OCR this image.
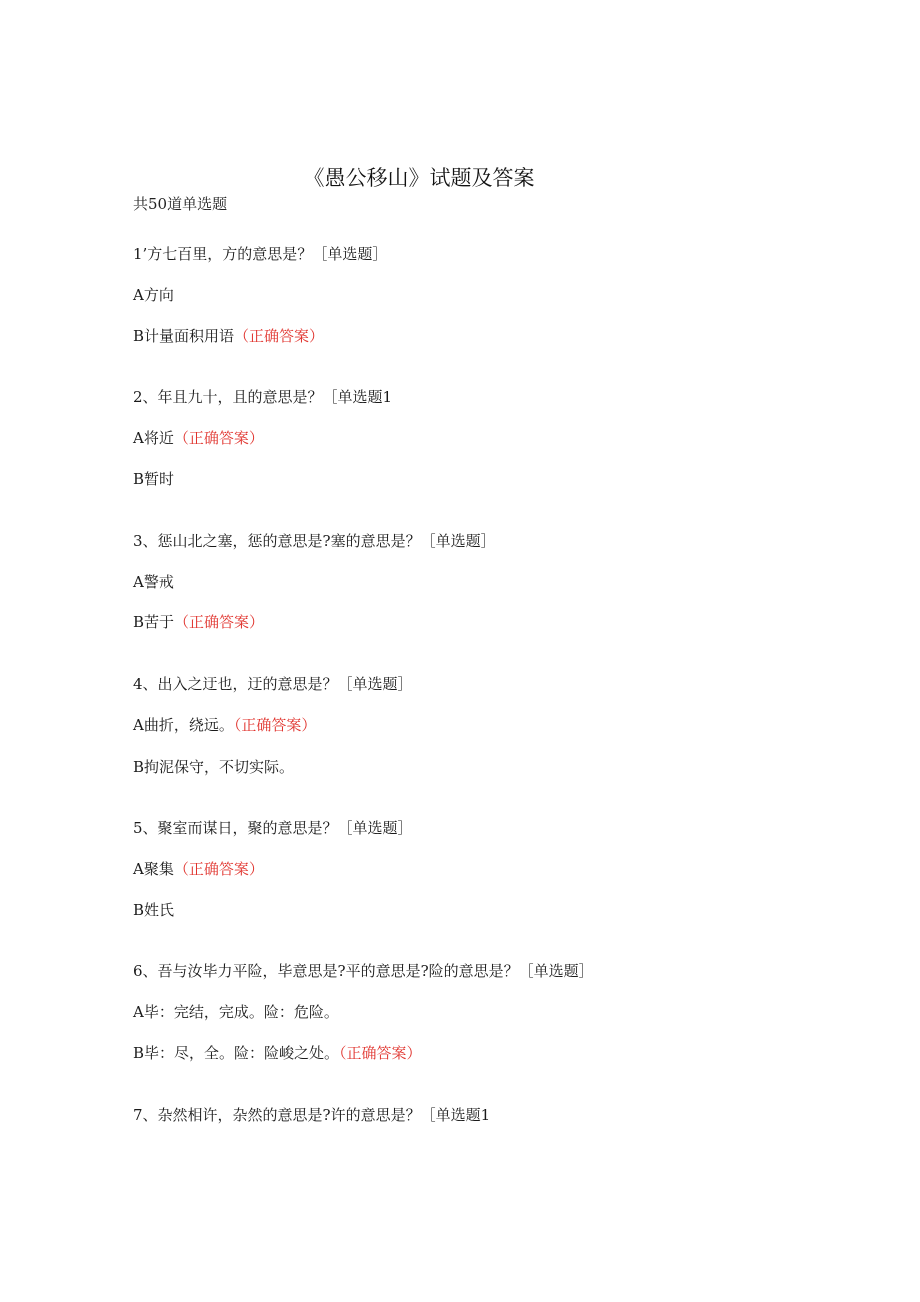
《愚公移山》试题及答案
共50道单选题
1’方七百里，方的意思是？［单选题］
A方向
B计量面积用语（正确答案）
2、年且九十，且的意思是？［单选题1
A将近（正确答案）
B暂时
3、惩山北之塞，惩的意思是?塞的意思是？［单选题］
A警戒
B苦于（正确答案）
4、出入之迂也，迂的意思是？［单选题］
A曲折，绕远。（正确答案）
B拘泥保守，不切实际。
5、聚室而谋日，聚的意思是？［单选题］
A聚集（正确答案）
B姓氏
6、吾与汝毕力平险，毕意思是?平的意思是?险的意思是？［单选题］
A毕：完结，完成。险：危险。
B毕：尽，全。险：险峻之处。（正确答案）
7、杂然相许，杂然的意思是?许的意思是？［单选题1
